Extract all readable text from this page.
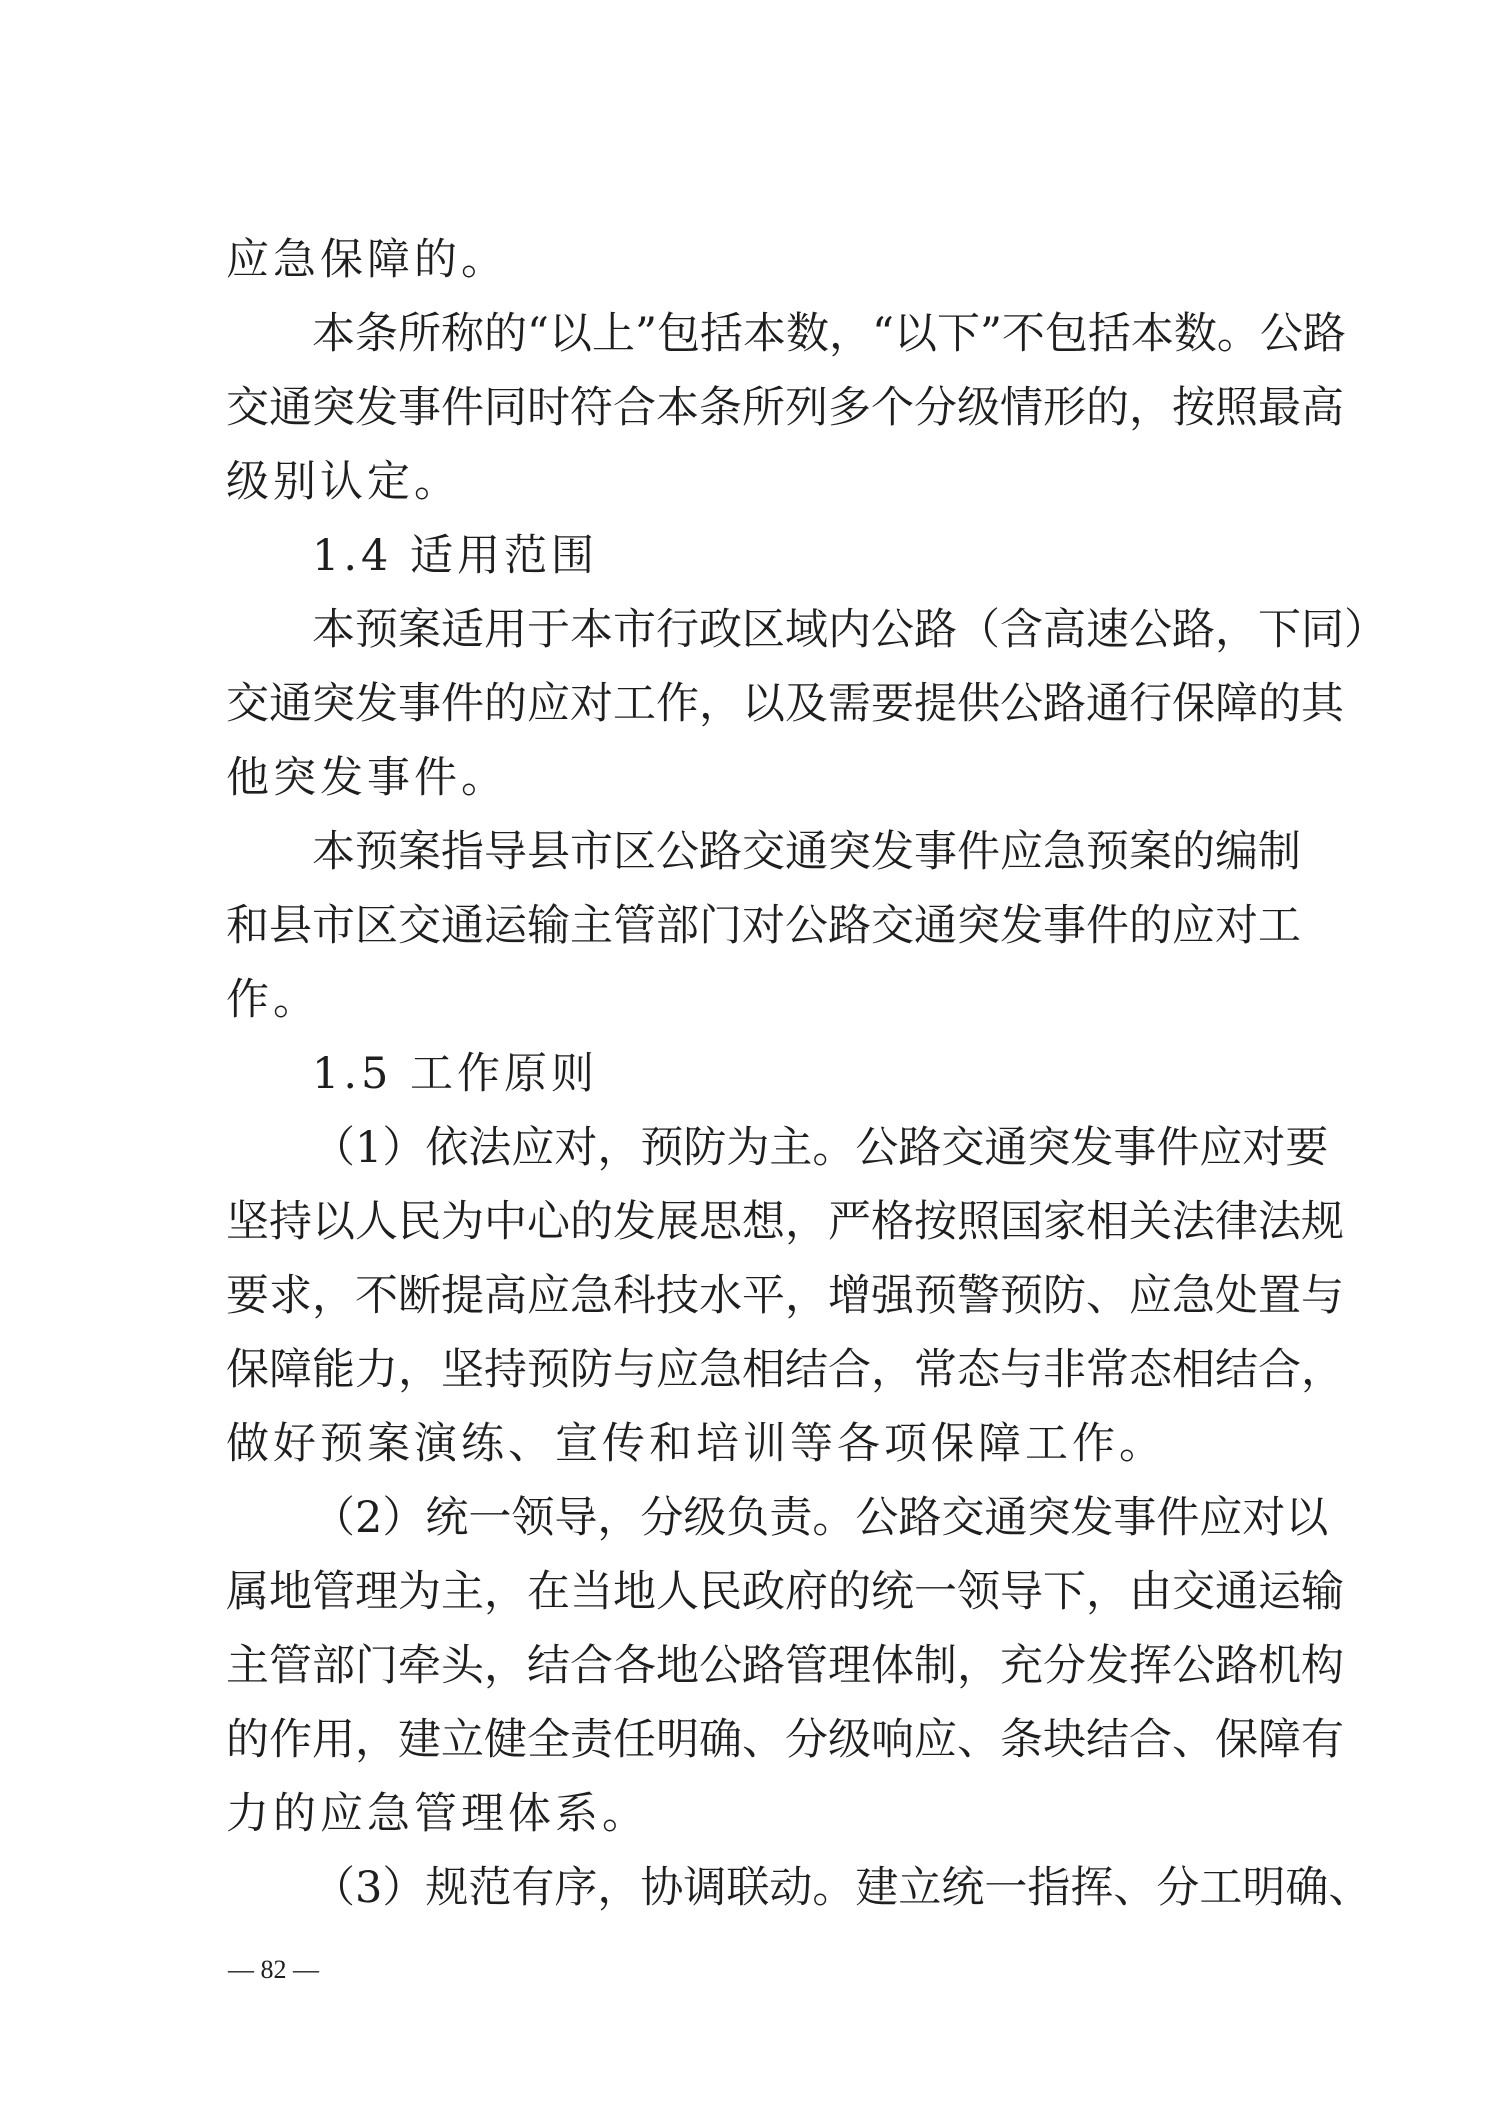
应急保障的。
本条所称的“以上”包括本数，“以下”不包括本数。公路
交通突发事件同时符合本条所列多个分级情形的，按照最高
级别认定。
1.4 适用范围
本预案适用于本市行政区域内公路（含高速公路，下同）
交通突发事件的应对工作，以及需要提供公路通行保障的其
他突发事件。
本预案指导县市区公路交通突发事件应急预案的编制
和县市区交通运输主管部门对公路交通突发事件的应对工
作。
1.5 工作原则
（1）依法应对，预防为主。公路交通突发事件应对要
坚持以人民为中心的发展思想，严格按照国家相关法律法规
要求，不断提高应急科技水平，增强预警预防、应急处置与
保障能力，坚持预防与应急相结合，常态与非常态相结合，
做好预案演练、宣传和培训等各项保障工作。
（2）统一领导，分级负责。公路交通突发事件应对以
属地管理为主，在当地人民政府的统一领导下，由交通运输
主管部门牵头，结合各地公路管理体制，充分发挥公路机构
的作用，建立健全责任明确、分级响应、条块结合、保障有
力的应急管理体系。
（3）规范有序，协调联动。建立统一指挥、分工明确、
— 82 —
